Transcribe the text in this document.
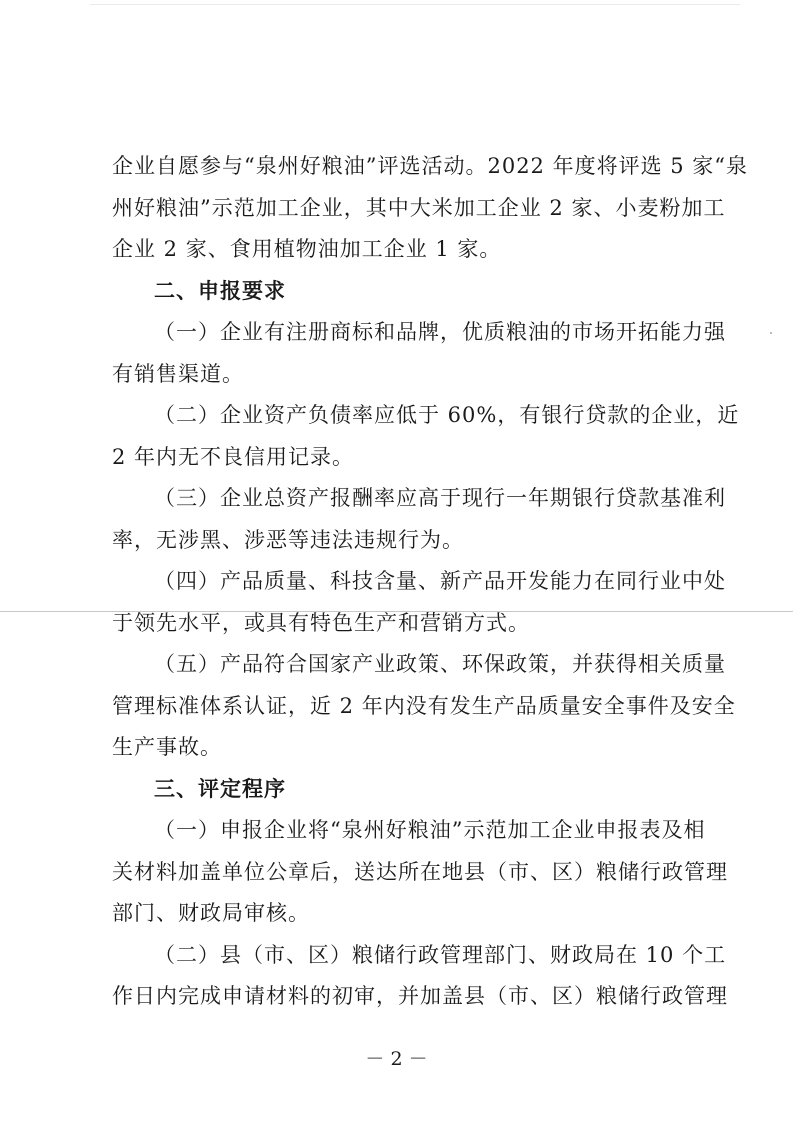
企业自愿参与“泉州好粮油”评选活动。2022 年度将评选 5 家“泉
州好粮油”示范加工企业，其中大米加工企业 2 家、小麦粉加工
企业 2 家、食用植物油加工企业 1 家。
二、申报要求
（一）企业有注册商标和品牌，优质粮油的市场开拓能力强
有销售渠道。
（二）企业资产负债率应低于 60%，有银行贷款的企业，近
2 年内无不良信用记录。
（三）企业总资产报酬率应高于现行一年期银行贷款基准利
率，无涉黑、涉恶等违法违规行为。
（四）产品质量、科技含量、新产品开发能力在同行业中处
于领先水平，或具有特色生产和营销方式。
（五）产品符合国家产业政策、环保政策，并获得相关质量
管理标准体系认证，近 2 年内没有发生产品质量安全事件及安全
生产事故。
三、评定程序
（一）申报企业将“泉州好粮油”示范加工企业申报表及相
关材料加盖单位公章后，送达所在地县（市、区）粮储行政管理
部门、财政局审核。
（二）县（市、区）粮储行政管理部门、财政局在 10 个工
作日内完成申请材料的初审，并加盖县（市、区）粮储行政管理
－ 2 －
